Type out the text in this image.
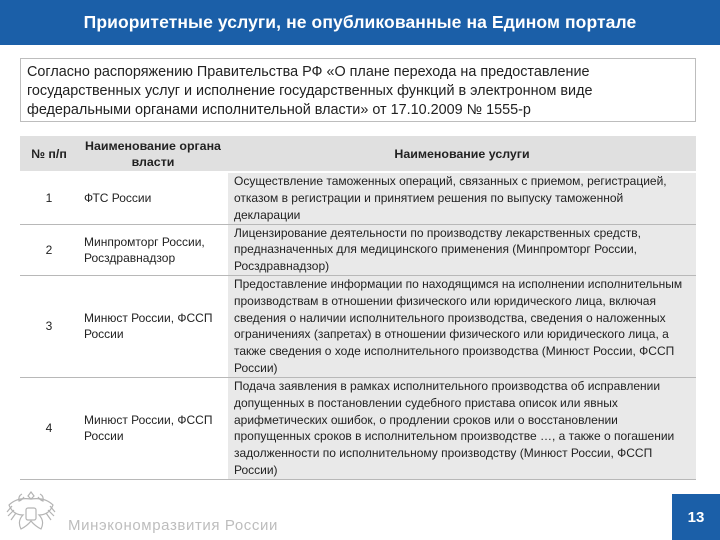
Приоритетные услуги, не опубликованные на Едином портале
Согласно распоряжению Правительства РФ «О плане перехода на предоставление государственных услуг и исполнение государственных функций в электронном виде федеральными органами исполнительной власти» от 17.10.2009 № 1555-р
№ п/п	Наименование органа власти	Наименование услуги
1	ФТС России	Осуществление таможенных операций, связанных с приемом, регистрацией, отказом в регистрации и принятием решения по выпуску таможенной декларации
2	Минпромторг России, Росздравнадзор	Лицензирование деятельности по производству лекарственных средств, предназначенных для медицинского применения (Минпромторг России, Росздравнадзор)
3	Минюст России, ФССП России	Предоставление информации по находящимся на исполнении исполнительным производствам в отношении физического или юридического лица, включая сведения о наличии исполнительного производства, сведения о наложенных ограничениях (запретах) в отношении физического или юридического лица, а также сведения о ходе исполнительного производства (Минюст России, ФССП России)
4	Минюст России, ФССП России	Подача заявления в рамках исполнительного производства об исправлении допущенных в постановлении судебного пристава описок или явных арифметических ошибок, о продлении сроков или о восстановлении пропущенных сроков в исполнительном производстве …, а также о погашении задолженности по исполнительному производству (Минюст России, ФССП России)
Минэкономразвития России	13
